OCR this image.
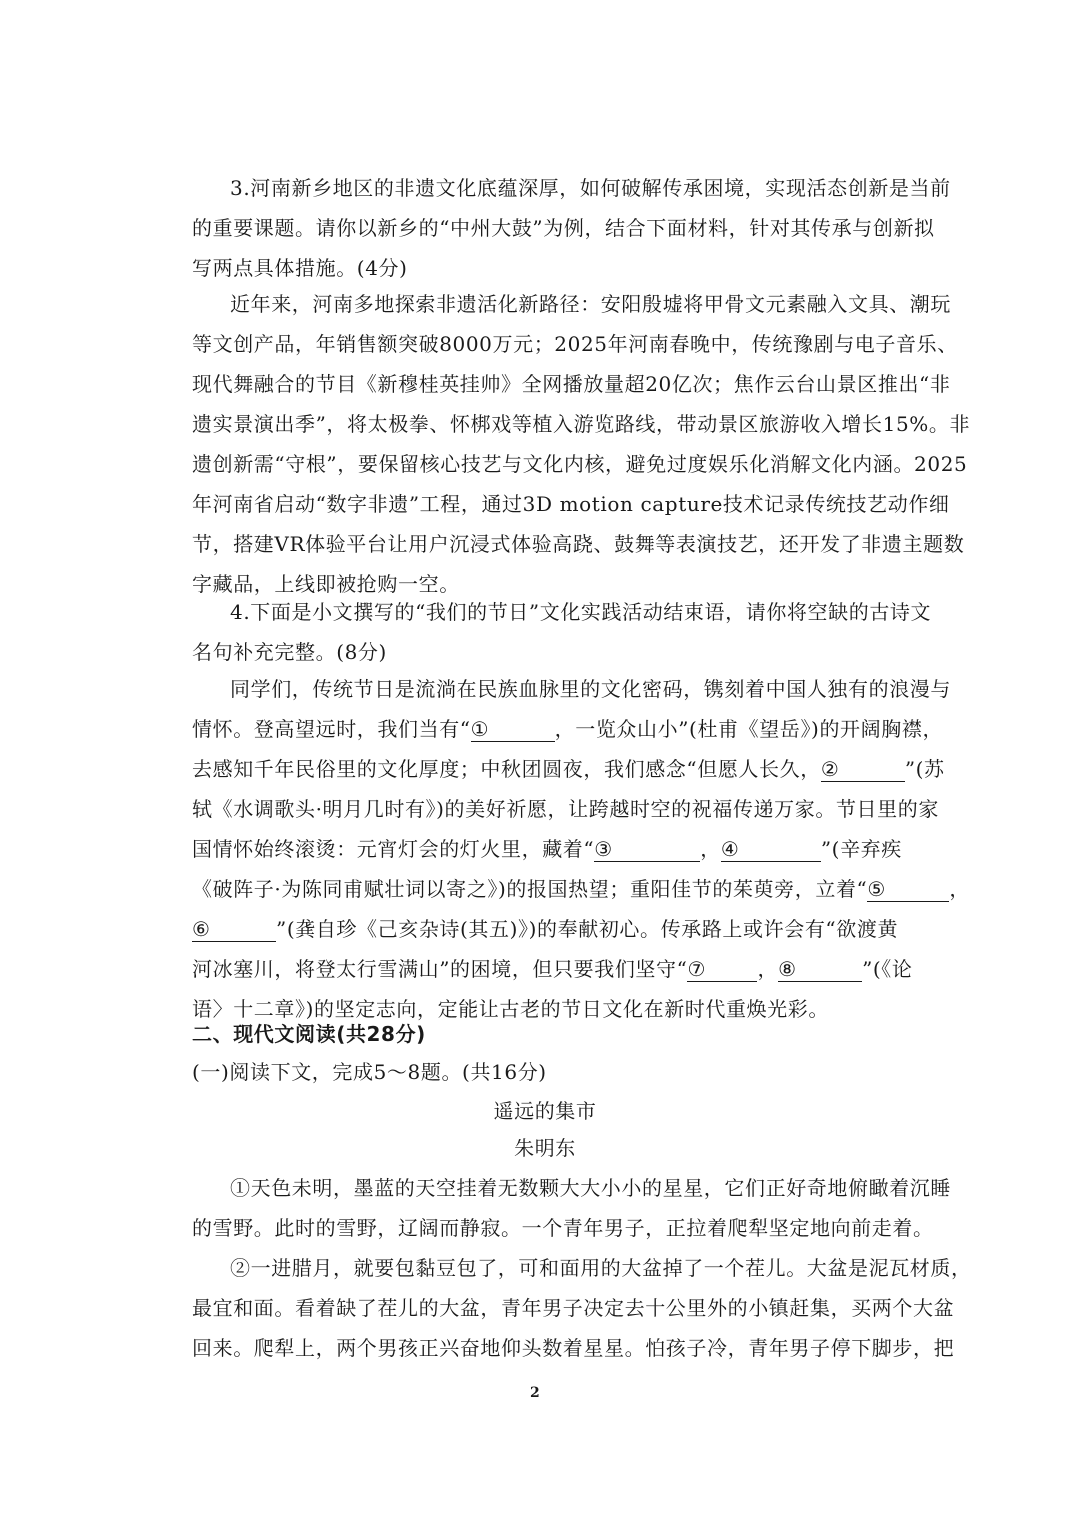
3.河南新乡地区的非遗文化底蕴深厚，如何破解传承困境，实现活态创新是当前
的重要课题。请你以新乡的“中州大鼓”为例，结合下面材料，针对其传承与创新拟
写两点具体措施。(4分)
近年来，河南多地探索非遗活化新路径：安阳殷墟将甲骨文元素融入文具、潮玩
等文创产品，年销售额突破8000万元；2025年河南春晚中，传统豫剧与电子音乐、
现代舞融合的节目《新穆桂英挂帅》全网播放量超20亿次；焦作云台山景区推出“非
遗实景演出季”，将太极拳、怀梆戏等植入游览路线，带动景区旅游收入增长15%。非
遗创新需“守根”，要保留核心技艺与文化内核，避免过度娱乐化消解文化内涵。2025
年河南省启动“数字非遗”工程，通过3D motion capture技术记录传统技艺动作细
节，搭建VR体验平台让用户沉浸式体验高跷、鼓舞等表演技艺，还开发了非遗主题数
字藏品，上线即被抢购一空。
4.下面是小文撰写的“我们的节日”文化实践活动结束语，请你将空缺的古诗文
名句补充完整。(8分)
同学们，传统节日是流淌在民族血脉里的文化密码，镌刻着中国人独有的浪漫与
情怀。登高望远时，我们当有“①	，一览众山小”(杜甫《望岳》)的开阔胸襟，
去感知千年民俗里的文化厚度；中秋团圆夜，我们感念“但愿人长久，②	”(苏
轼《水调歌头·明月几时有》)的美好祈愿，让跨越时空的祝福传递万家。节日里的家
国情怀始终滚烫：元宵灯会的灯火里，藏着“③	，④	”(辛弃疾
《破阵子·为陈同甫赋壮词以寄之》)的报国热望；重阳佳节的茱萸旁，立着“⑤	，
⑥	”(龚自珍《己亥杂诗(其五)》)的奉献初心。传承路上或许会有“欲渡黄
河冰塞川，将登太行雪满山”的困境，但只要我们坚守“⑦	，⑧	”(《论
语〉十二章》)的坚定志向，定能让古老的节日文化在新时代重焕光彩。
二、现代文阅读(共28分)
(一)阅读下文，完成5～8题。(共16分)
遥远的集市
朱明东
①天色未明，墨蓝的天空挂着无数颗大大小小的星星，它们正好奇地俯瞰着沉睡
的雪野。此时的雪野，辽阔而静寂。一个青年男子，正拉着爬犁坚定地向前走着。
②一进腊月，就要包黏豆包了，可和面用的大盆掉了一个茬儿。大盆是泥瓦材质，
最宜和面。看着缺了茬儿的大盆，青年男子决定去十公里外的小镇赶集，买两个大盆
回来。爬犁上，两个男孩正兴奋地仰头数着星星。怕孩子冷，青年男子停下脚步，把
2
